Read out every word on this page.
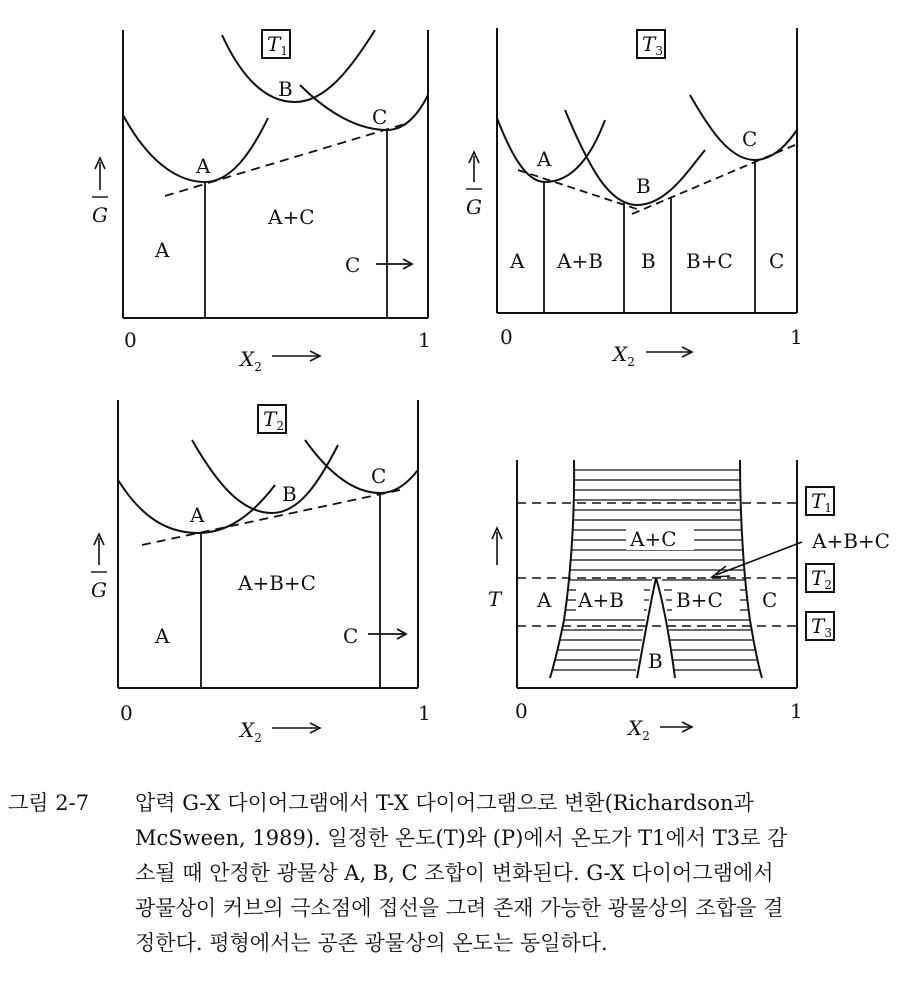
$T_1$
B
A
C
A+C
A
C
G
0	1
$X_2$
$T_3$
A
B
C
A A+B B B+C C
G
0	1
$X_2$
$T_2$
A
B
C
A+B+C
A	C
G
0	1
$X_2$
$T_1$
$T_2$
$T_3$
A+C
A A+B	B+C C
B
A+B+C
T
0	1
$X_2$
그림 2-7	압력 G-X 다이어그램에서 T-X 다이어그램으로 변환(Richardson과
McSween, 1989). 일정한 온도(T)와 (P)에서 온도가 T1에서 T3로 감
소될 때 안정한 광물상 A, B, C 조합이 변화된다. G-X 다이어그램에서
광물상이 커브의 극소점에 접선을 그려 존재 가능한 광물상의 조합을 결
정한다. 평형에서는 공존 광물상의 온도는 동일하다.
